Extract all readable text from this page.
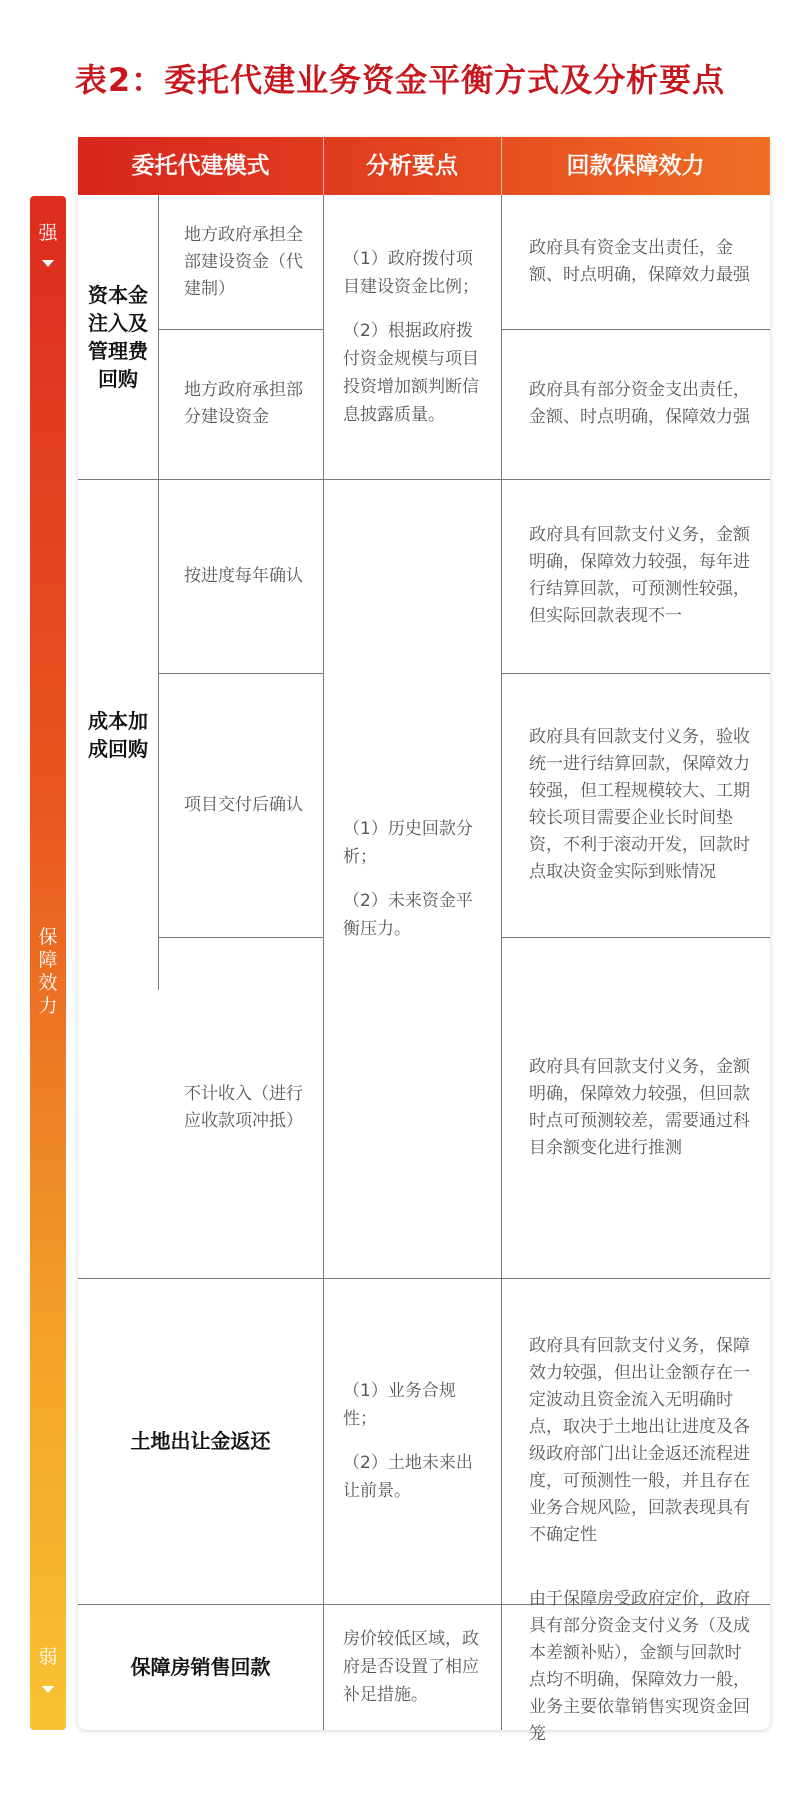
表2：委托代建业务资金平衡方式及分析要点
强
保障效力
弱
委托代建模式	分析要点	回款保障效力
资本金注入及管理费回购
地方政府承担全部建设资金（代建制）
地方政府承担部分建设资金

（1）政府拨付项目建设资金比例；

（2）根据政府拨付资金规模与项目投资增加额判断信息披露质量。

政府具有资金支出责任，金额、时点明确，保障效力最强
政府具有部分资金支出责任，金额、时点明确，保障效力强
成本加成回购
按进度每年确认
项目交付后确认
不计收入（进行应收款项冲抵）

（1）历史回款分析；

（2）未来资金平衡压力。

政府具有回款支付义务，金额明确，保障效力较强，每年进行结算回款，可预测性较强，但实际回款表现不一
政府具有回款支付义务，验收统一进行结算回款，保障效力较强，但工程规模较大、工期较长项目需要企业长时间垫资，不利于滚动开发，回款时点取决资金实际到账情况
政府具有回款支付义务，金额明确，保障效力较强，但回款时点可预测较差，需要通过科目余额变化进行推测
土地出让金返还

（1）业务合规性；

（2）土地未来出让前景。

政府具有回款支付义务，保障效力较强，但出让金额存在一定波动且资金流入无明确时点，取决于土地出让进度及各级政府部门出让金返还流程进度，可预测性一般，并且存在业务合规风险，回款表现具有不确定性
保障房销售回款

房价较低区域，政府是否设置了相应补足措施。

由于保障房受政府定价，政府具有部分资金支付义务（及成本差额补贴），金额与回款时点均不明确，保障效力一般，业务主要依靠销售实现资金回笼
